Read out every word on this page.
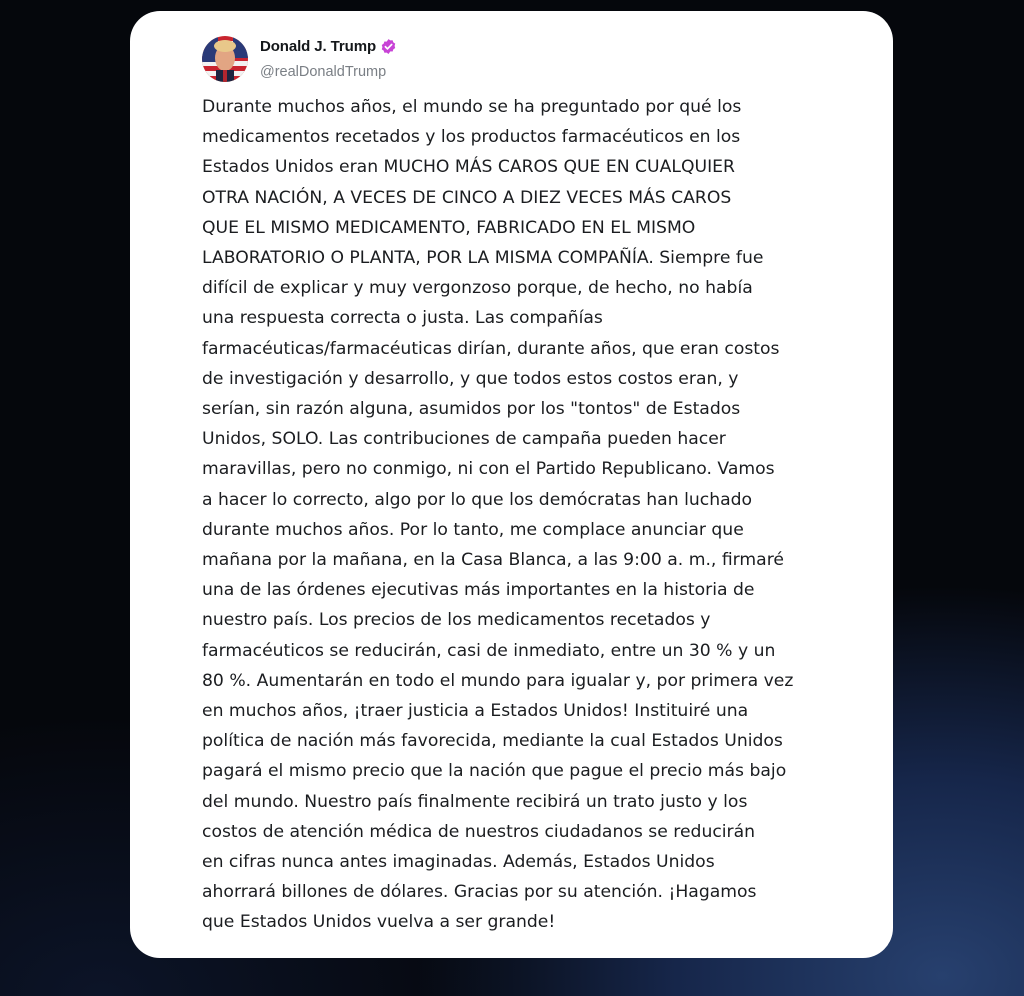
Donald J. Trump
@realDonaldTrump

Durante muchos años, el mundo se ha preguntado por qué los
medicamentos recetados y los productos farmacéuticos en los
Estados Unidos eran MUCHO MÁS CAROS QUE EN CUALQUIER
OTRA NACIÓN, A VECES DE CINCO A DIEZ VECES MÁS CAROS
QUE EL MISMO MEDICAMENTO, FABRICADO EN EL MISMO
LABORATORIO O PLANTA, POR LA MISMA COMPAÑÍA. Siempre fue
difícil de explicar y muy vergonzoso porque, de hecho, no había
una respuesta correcta o justa. Las compañías
farmacéuticas/farmacéuticas dirían, durante años, que eran costos
de investigación y desarrollo, y que todos estos costos eran, y
serían, sin razón alguna, asumidos por los "tontos" de Estados
Unidos, SOLO. Las contribuciones de campaña pueden hacer
maravillas, pero no conmigo, ni con el Partido Republicano. Vamos
a hacer lo correcto, algo por lo que los demócratas han luchado
durante muchos años. Por lo tanto, me complace anunciar que
mañana por la mañana, en la Casa Blanca, a las 9:00 a. m., firmaré
una de las órdenes ejecutivas más importantes en la historia de
nuestro país. Los precios de los medicamentos recetados y
farmacéuticos se reducirán, casi de inmediato, entre un 30 % y un
80 %. Aumentarán en todo el mundo para igualar y, por primera vez
en muchos años, ¡traer justicia a Estados Unidos! Instituiré una
política de nación más favorecida, mediante la cual Estados Unidos
pagará el mismo precio que la nación que pague el precio más bajo
del mundo. Nuestro país finalmente recibirá un trato justo y los
costos de atención médica de nuestros ciudadanos se reducirán
en cifras nunca antes imaginadas. Además, Estados Unidos
ahorrará billones de dólares. Gracias por su atención. ¡Hagamos
que Estados Unidos vuelva a ser grande!
